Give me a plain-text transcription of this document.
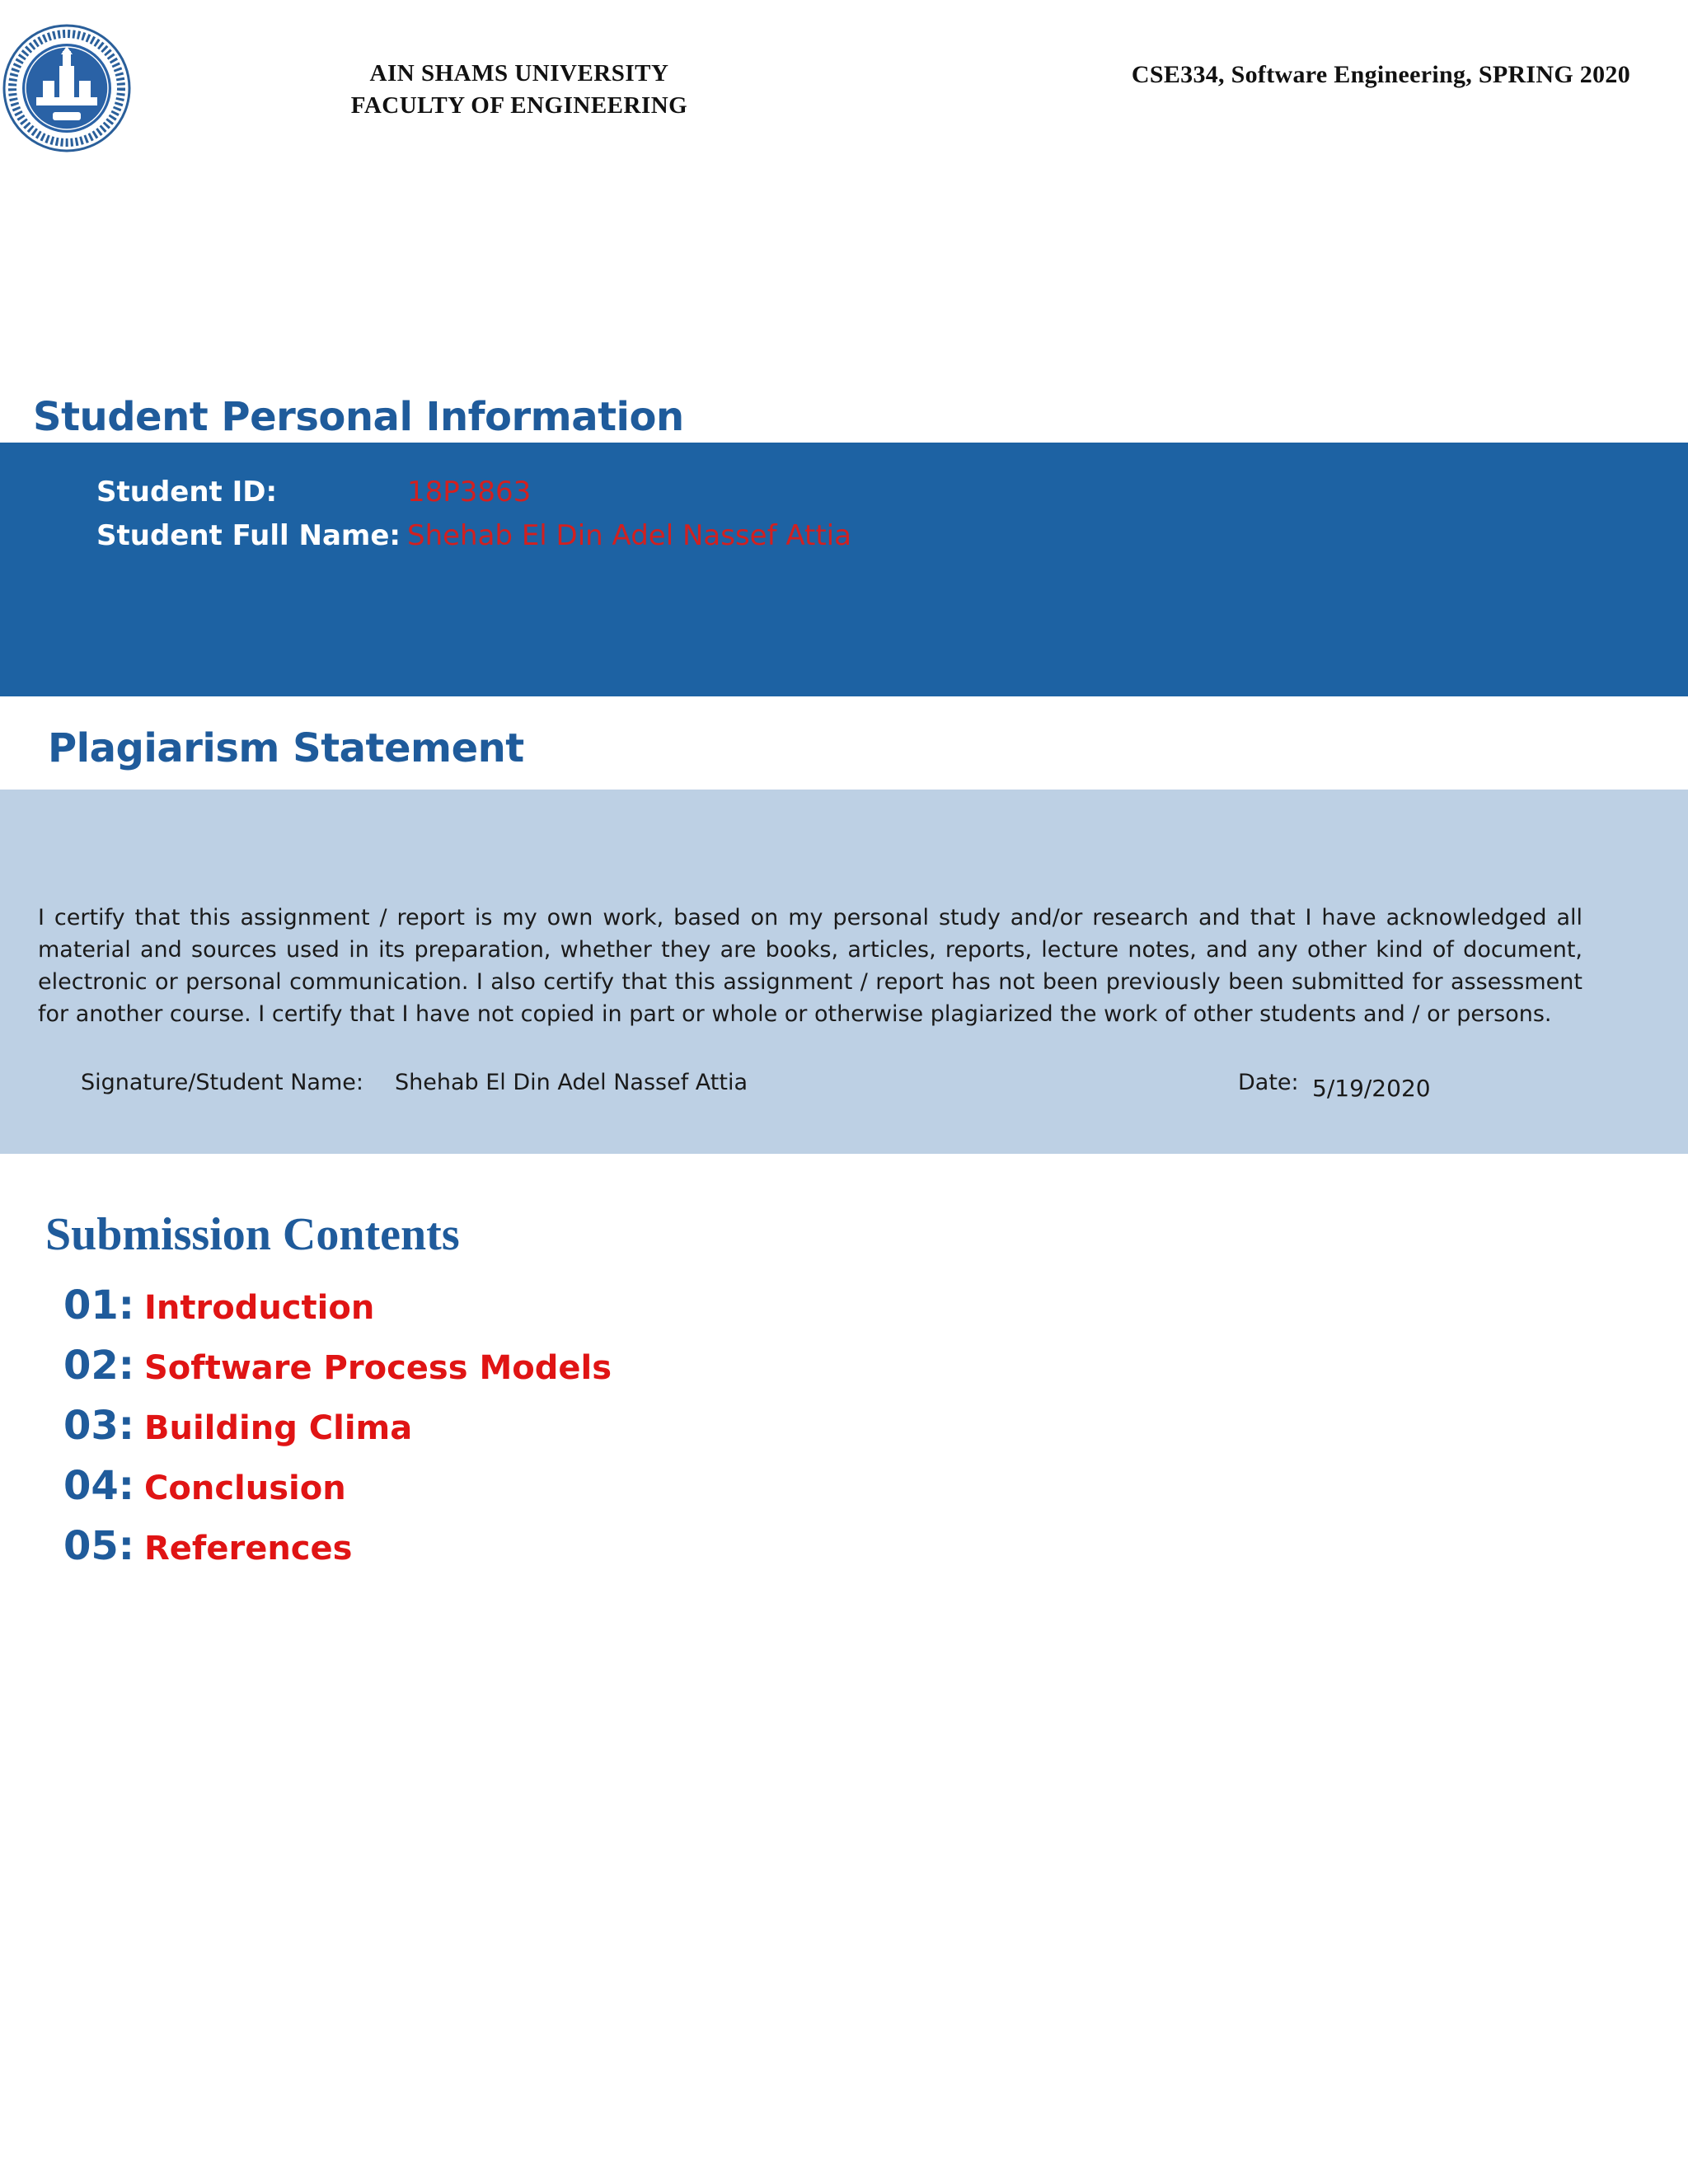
AIN SHAMS UNIVERSITY
FACULTY OF ENGINEERING
CSE334, Software Engineering, SPRING 2020
Student Personal Information
Student ID:	18P3863
Student Full Name: Shehab El Din Adel Nassef Attia
Plagiarism Statement
I certify that this assignment / report is my own work, based on my personal study and/or research and that I have acknowledged all material and sources used in its preparation, whether they are books, articles, reports, lecture notes, and any other kind of document, electronic or personal communication. I also certify that this assignment / report has not been previously been submitted for assessment for another course. I certify that I have not copied in part or whole or otherwise plagiarized the work of other students and / or persons.
Signature/Student Name: Shehab El Din Adel Nassef Attia	Date: 5/19/2020
Submission Contents
01: Introduction
02: Software Process Models
03: Building Clima
04: Conclusion
05: References
